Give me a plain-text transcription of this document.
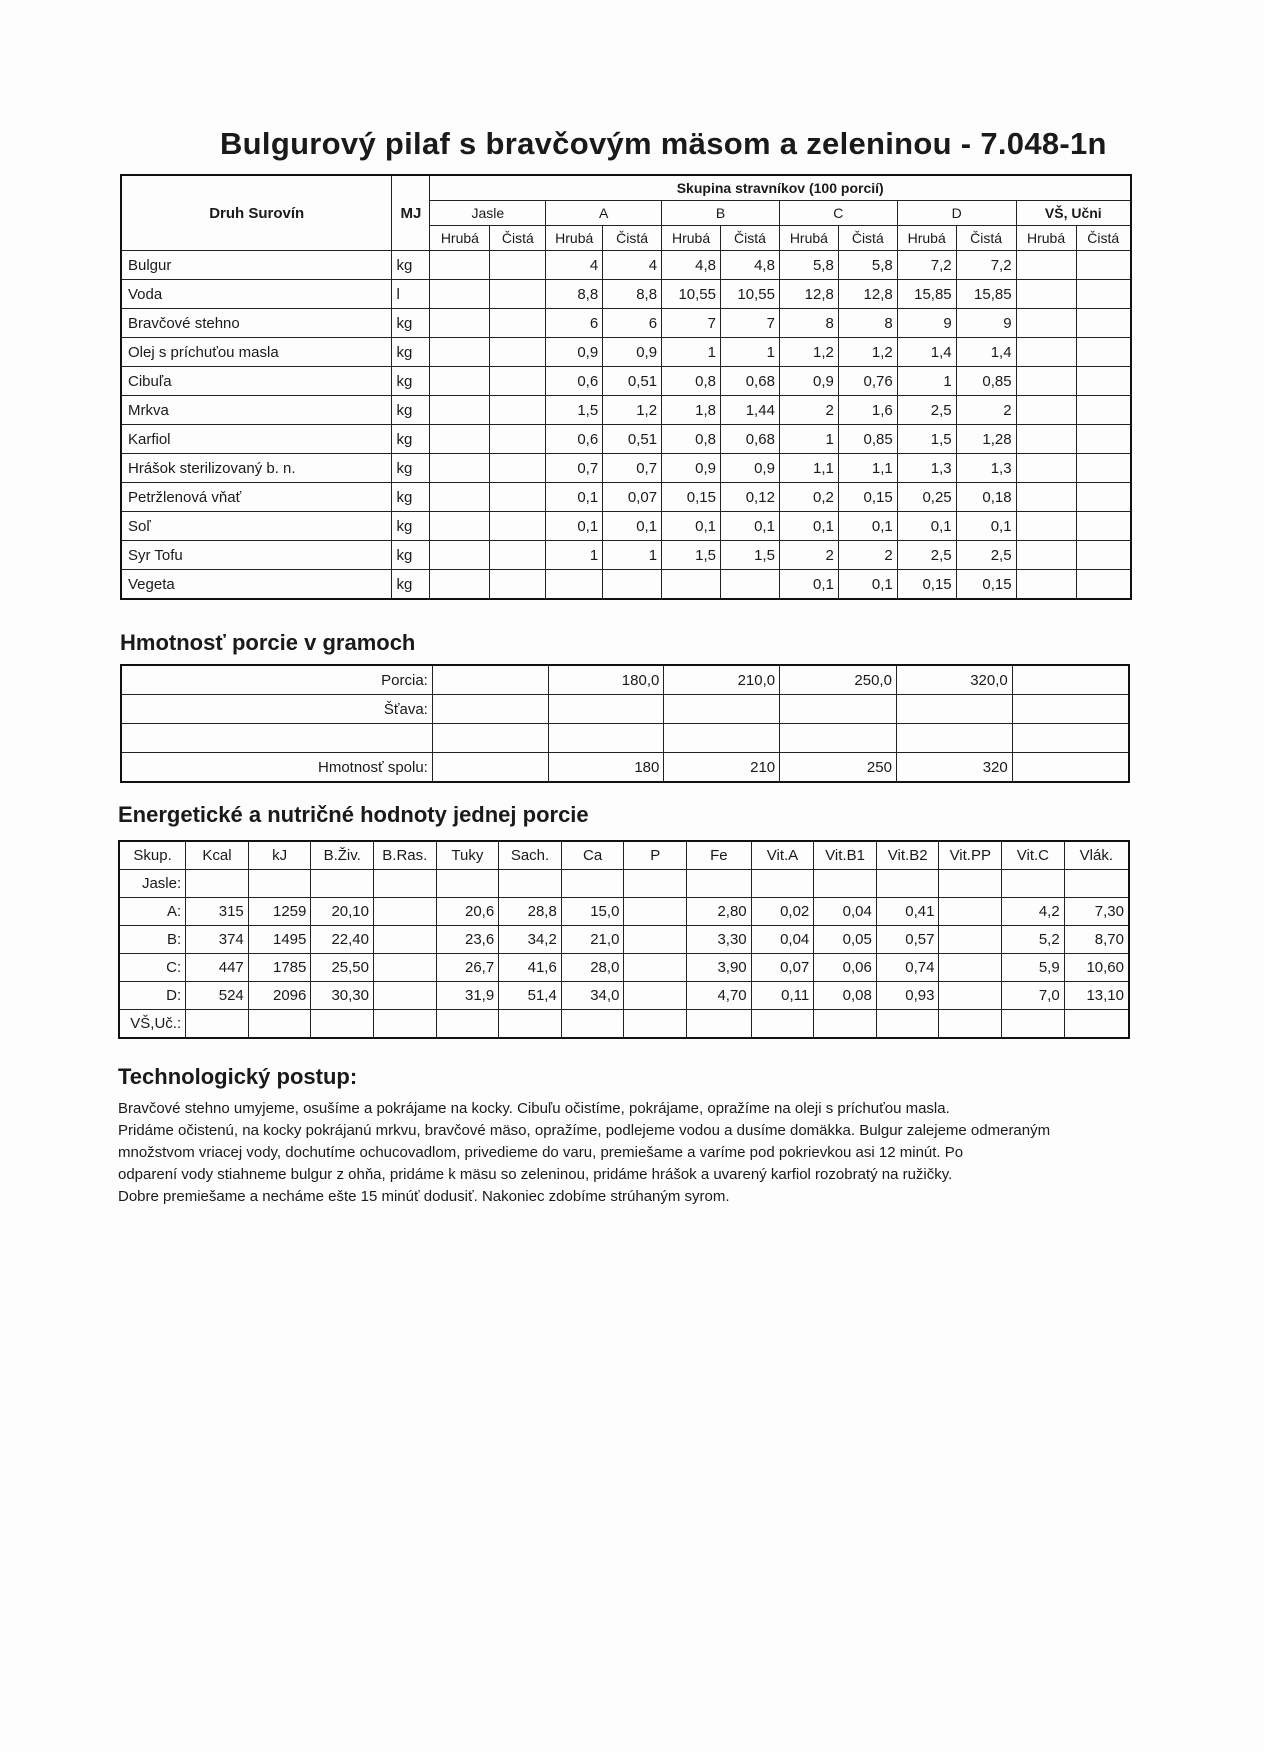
Bulgurový pilaf s bravčovým mäsom a zeleninou - 7.048-1n
Druh Surovín	MJ	Skupina stravníkov (100 porcií)											
		Jasle		A		B		C		D		VŠ, Učni	
		Hrubá	Čistá	Hrubá	Čistá	Hrubá	Čistá	Hrubá	Čistá	Hrubá	Čistá	Hrubá	Čistá
Bulgur	kg			4	4	4,8	4,8	5,8	5,8	7,2	7,2		
Voda	l			8,8	8,8	10,55	10,55	12,8	12,8	15,85	15,85		
Bravčové stehno	kg			6	6	7	7	8	8	9	9		
Olej s príchuťou masla	kg			0,9	0,9	1	1	1,2	1,2	1,4	1,4		
Cibuľa	kg			0,6	0,51	0,8	0,68	0,9	0,76	1	0,85		
Mrkva	kg			1,5	1,2	1,8	1,44	2	1,6	2,5	2		
Karfiol	kg			0,6	0,51	0,8	0,68	1	0,85	1,5	1,28		
Hrášok sterilizovaný b. n.	kg			0,7	0,7	0,9	0,9	1,1	1,1	1,3	1,3		
Petržlenová vňať	kg			0,1	0,07	0,15	0,12	0,2	0,15	0,25	0,18		
Soľ	kg			0,1	0,1	0,1	0,1	0,1	0,1	0,1	0,1		
Syr Tofu	kg			1	1	1,5	1,5	2	2	2,5	2,5		
Vegeta	kg							0,1	0,1	0,15	0,15		
Hmotnosť porcie v gramoch
Porcia:		180,0	210,0	250,0	320,0	
Šťava:						

Hmotnosť spolu:		180	210	250	320	
Energetické a nutričné hodnoty jednej porcie
Skup.	Kcal	kJ	B.Živ.	B.Ras.	Tuky	Sach.	Ca	P	Fe	Vit.A	Vit.B1	Vit.B2	Vit.PP	Vit.C	Vlák.
Jasle:															
A:	315	1259	20,10		20,6	28,8	15,0		2,80	0,02	0,04	0,41		4,2	7,30
B:	374	1495	22,40		23,6	34,2	21,0		3,30	0,04	0,05	0,57		5,2	8,70
C:	447	1785	25,50		26,7	41,6	28,0		3,90	0,07	0,06	0,74		5,9	10,60
D:	524	2096	30,30		31,9	51,4	34,0		4,70	0,11	0,08	0,93		7,0	13,10
VŠ,Uč.:															
Technologický postup:

Bravčové stehno umyjeme, osušíme a pokrájame na kocky. Cibuľu očistíme, pokrájame, opražíme na oleji s príchuťou masla.

Pridáme očistenú, na kocky pokrájanú mrkvu, bravčové mäso, opražíme, podlejeme vodou a dusíme domäkka. Bulgur zalejeme odmeraným

množstvom vriacej vody, dochutíme ochucovadlom, privedieme do varu, premiešame a varíme pod pokrievkou asi 12 minút. Po

odparení vody stiahneme bulgur z ohňa, pridáme k mäsu so zeleninou, pridáme hrášok a uvarený karfiol rozobratý na ružičky.

Dobre premiešame a necháme ešte 15 minúť dodusiť. Nakoniec zdobíme strúhaným syrom.
